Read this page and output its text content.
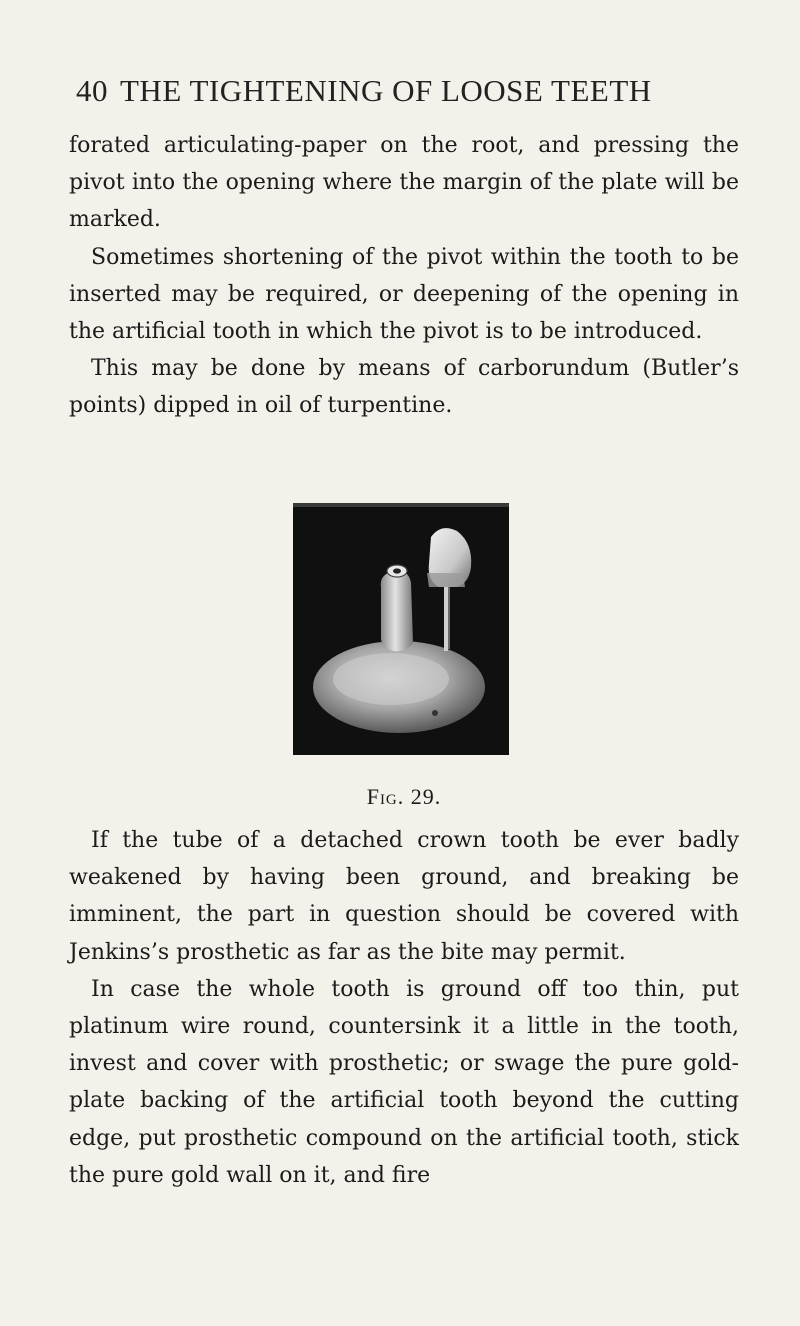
40 THE TIGHTENING OF LOOSE TEETH

forated articulating-paper on the root, and pressing the pivot into the opening where the margin of the plate will be marked.

Sometimes shortening of the pivot within the tooth to be inserted may be required, or deepening of the opening in the artificial tooth in which the pivot is to be introduced.

This may be done by means of carborundum (Butler’s points) dipped in oil of turpentine.

Fig. 29.

If the tube of a detached crown tooth be ever badly weakened by having been ground, and breaking be imminent, the part in question should be covered with Jenkins’s prosthetic as far as the bite may permit.

In case the whole tooth is ground off too thin, put platinum wire round, countersink it a little in the tooth, invest and cover with prosthetic; or swage the pure gold-plate backing of the artificial tooth beyond the cutting edge, put prosthetic compound on the artificial tooth, stick the pure gold wall on it, and fire
